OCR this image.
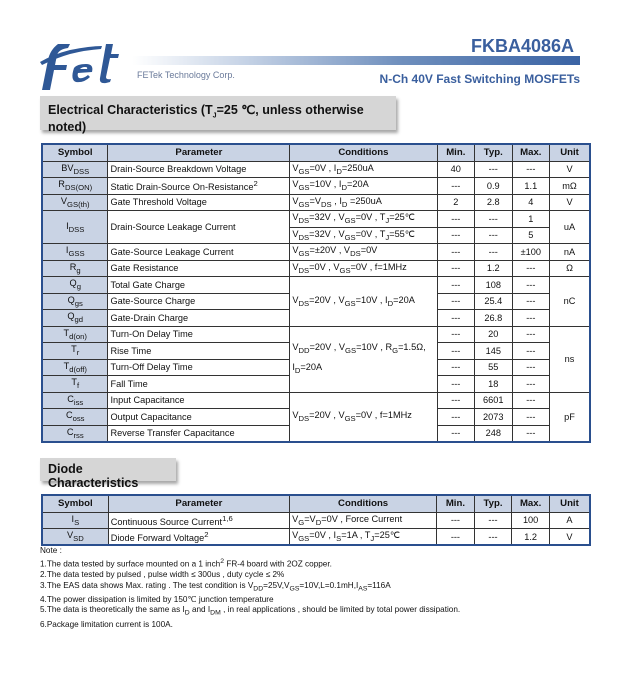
FETek Technology Corp.
FKBA4086A
N-Ch 40V Fast Switching MOSFETs
Electrical Characteristics ($T_J=25$ ℃, unless otherwise noted)
Symbol	Parameter	Conditions	Min.	Typ.	Max.	Unit
$BV_{DSS}$	Drain-Source Breakdown Voltage	$V_{GS}=0V$ , $I_D=250uA$	40	---	---	V
$R_{DS(ON)}$	Static Drain-Source On-Resistance$^2$	$V_{GS}=10V$ , $I_D=20A$	---	0.9	1.1	mΩ
$V_{GS(th)}$	Gate Threshold Voltage	$V_{GS}=V_{DS}$ , $I_D =250uA$	2	2.8	4	V
$I_{DSS}$	Drain-Source Leakage Current	$V_{DS}=32V$ , $V_{GS}=0V$ , $T_J=25℃$	---	---	1	uA
		$V_{DS}=32V$ , $V_{GS}=0V$ , $T_J=55℃$	---	---	5	
$I_{GSS}$	Gate-Source Leakage Current	$V_{GS}=\pm 20V$ , $V_{DS}=0V$	---	---	±100	nA
$R_g$	Gate Resistance	$V_{DS}=0V$ , $V_{GS}=0V$ , f=1MHz	---	1.2	---	Ω
$Q_g$	Total Gate Charge	$V_{DS}=20V$ , $V_{GS}=10V$ , $I_D=20A$	---	108	---	nC
$Q_{gs}$	Gate-Source Charge		---	25.4	---	
$Q_{gd}$	Gate-Drain Charge		---	26.8	---	
$T_{d(on)}$	Turn-On Delay Time	$V_{DD}=20V$ , $V_{GS}=10V$ , $R_G=1.5\Omega$,
$I_D=20A$	---	20	---	ns
$T_r$	Rise Time		---	145	---	
$T_{d(off)}$	Turn-Off Delay Time		---	55	---	
$T_f$	Fall Time		---	18	---	
$C_{iss}$	Input Capacitance	$V_{DS}=20V$ , $V_{GS}=0V$ , f=1MHz	---	6601	---	pF
$C_{oss}$	Output Capacitance		---	2073	---	
$C_{rss}$	Reverse Transfer Capacitance		---	248	---	
Diode Characteristics
Symbol	Parameter	Conditions	Min.	Typ.	Max.	Unit
$I_S$	Continuous Source Current$^{1,6}$	$V_G=V_D=0V$ , Force Current	---	---	100	A
$V_{SD}$	Diode Forward Voltage$^2$	$V_{GS}=0V$ , $I_S=1A$ , $T_J=25℃$	---	---	1.2	V
Note :
1.The data tested by surface mounted on a 1 inch$^2$ FR-4 board with 2OZ copper.
2.The data tested by pulsed , pulse width ≤ 300us , duty cycle ≤ 2%
3.The EAS data shows Max. rating . The test condition is $V_{DD}=25V,V_{GS}=10V,L=0.1mH,I_{AS}=116A$
4.The power dissipation is limited by 150℃ junction temperature
5.The data is theoretically the same as $I_D$ and $I_{DM}$ , in real applications , should be limited by total power dissipation.
6.Package limitation current is 100A.
